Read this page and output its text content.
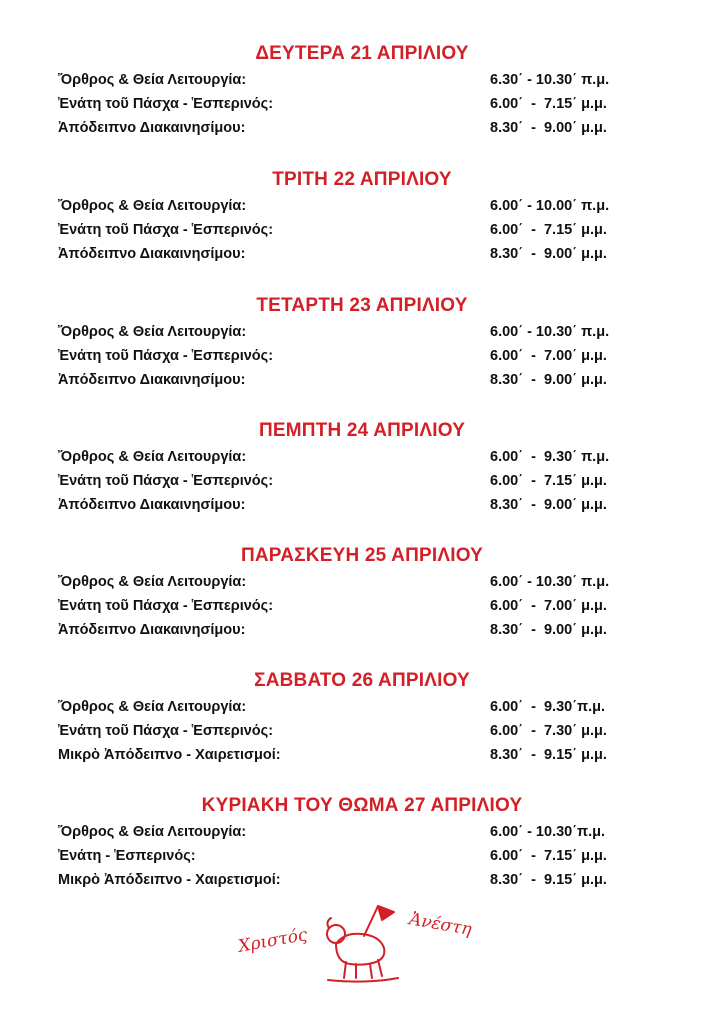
ΔΕΥΤΕΡΑ 21 ΑΠΡΙΛΙΟΥ
Ὄρθρος & Θεία Λειτουργία:	6.30΄ - 10.30΄ π.μ.
Ἐνάτη τοῦ Πάσχα - Ἑσπερινός:	6.00΄  -  7.15΄ μ.μ.
Ἀπόδειπνο Διακαινησίμου:	8.30΄  -  9.00΄ μ.μ.
ΤΡΙΤΗ 22 ΑΠΡΙΛΙΟΥ
Ὄρθρος & Θεία Λειτουργία:	6.00΄ - 10.00΄ π.μ.
Ἐνάτη τοῦ Πάσχα - Ἑσπερινός:	6.00΄  -  7.15΄ μ.μ.
Ἀπόδειπνο Διακαινησίμου:	8.30΄  -  9.00΄ μ.μ.
ΤΕΤΑΡΤΗ 23 ΑΠΡΙΛΙΟΥ
Ὄρθρος & Θεία Λειτουργία:	6.00΄ - 10.30΄ π.μ.
Ἐνάτη τοῦ Πάσχα - Ἑσπερινός:	6.00΄  -  7.00΄ μ.μ.
Ἀπόδειπνο Διακαινησίμου:	8.30΄  -  9.00΄ μ.μ.
ΠΕΜΠΤΗ 24 ΑΠΡΙΛΙΟΥ
Ὄρθρος & Θεία Λειτουργία:	6.00΄  -  9.30΄ π.μ.
Ἐνάτη τοῦ Πάσχα - Ἑσπερινός:	6.00΄  -  7.15΄ μ.μ.
Ἀπόδειπνο Διακαινησίμου:	8.30΄  -  9.00΄ μ.μ.
ΠΑΡΑΣΚΕΥΗ 25 ΑΠΡΙΛΙΟΥ
Ὄρθρος & Θεία Λειτουργία:	6.00΄ - 10.30΄ π.μ.
Ἐνάτη τοῦ Πάσχα - Ἑσπερινός:	6.00΄  -  7.00΄ μ.μ.
Ἀπόδειπνο Διακαινησίμου:	8.30΄  -  9.00΄ μ.μ.
ΣΑΒΒΑΤΟ 26 ΑΠΡΙΛΙΟΥ
Ὄρθρος & Θεία Λειτουργία:	6.00΄  -  9.30΄π.μ.
Ἐνάτη τοῦ Πάσχα - Ἑσπερινός:	6.00΄  -  7.30΄ μ.μ.
Μικρὸ Ἀπόδειπνο - Χαιρετισμοί:	8.30΄  -  9.15΄ μ.μ.
ΚΥΡΙΑΚΗ ΤΟΥ ΘΩΜΑ 27 ΑΠΡΙΛΙΟΥ
Ὄρθρος & Θεία Λειτουργία:	6.00΄ - 10.30΄π.μ.
Ἐνάτη - Ἑσπερινός:	6.00΄  -  7.15΄ μ.μ.
Μικρὸ Ἀπόδειπνο - Χαιρετισμοί:	8.30΄  -  9.15΄ μ.μ.
Χριστός
Ἀνέστη
